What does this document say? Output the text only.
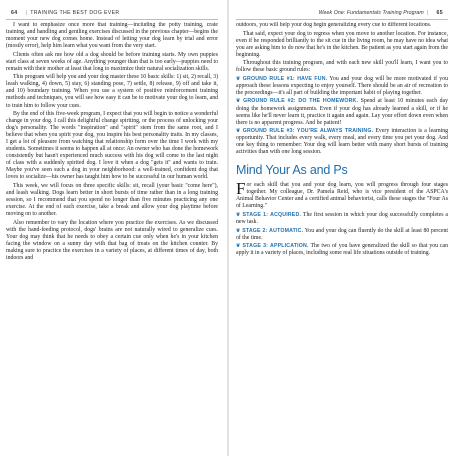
64 | TRAINING THE BEST DOG EVER	Week One: Fundamentals Training Program | 65

I want to emphasize once more that training—including the potty training, crate training, and handling and gentling exercises discussed in the previous chapter—begins the moment your new dog comes home. Instead of letting your dog learn by trial and error (mostly error), help him learn what you want from the very start.

Clients often ask me how old a dog should be before training starts. My own puppies start class at seven weeks of age. Anything younger than that is too early—puppies need to remain with their mother at least that long to maximize their natural socialization skills.

This program will help you and your dog master these 10 basic skills: 1) sit, 2) recall, 3) leash walking, 4) down, 5) stay, 6) standing pose, 7) settle, 8) release, 9) off and take it, and 10) boundary training. When you use a system of positive reinforcement training methods and techniques, you will see how easy it can be to motivate your dog to learn, and to train him to follow your cues.

By the end of this five-week program, I expect that you will begin to notice a wonderful change in your dog. I call this delightful change spiriting, or the process of unlocking your dog's personality. The words "inspiration" and "spirit" stem from the same root, and I believe that when you spirit your dog, you inspire his best personality traits. In my classes, I get a lot of pleasure from watching that relationship form over the time I work with my students. Sometimes it seems to happen all at once: An owner who has done the homework consistently but hasn't experienced much success with his dog will come to the last night of class with a suddenly spirited dog. I love it when a dog "gets it" and wants to train. Maybe you've seen such a dog in your neighborhood: a well-trained, confident dog that loves to socialize—his owner has taught him how to be successful in our human world.

This week, we will focus on three specific skills: sit, recall (your basic "come here"), and leash walking. Dogs learn better in short bursts of time rather than in a long training session, so I recommend that you spend no longer than five minutes practicing any one exercise. At the end of each exercise, take a break and allow your dog playtime before moving on to another.

Also remember to vary the location where you practice the exercises. As we discussed with the hand-feeding protocol, dogs' brains are not naturally wired to generalize cues. Your dog may think that he needs to obey a certain cue only when he's in your kitchen facing the window on a sunny day with that bag of treats on the kitchen counter. By making sure to practice the exercises in a variety of places, at different times of day, both indoors and

outdoors, you will help your dog begin generalizing every cue to different locations.

That said, expect your dog to regress when you move to another location. For instance, even if he responded brilliantly to the sit cue in the living room, he may have no idea what you are asking him to do now that he's in the kitchen. Be patient as you start again from the beginning.

Throughout this training program, and with each new skill you'll learn, I want you to follow these basic ground rules:

❦ GROUND RULE #1: HAVE FUN. You and your dog will be more motivated if you approach these lessons expecting to enjoy yourself. There should be an air of recreation to the proceedings—it's all part of building the important habit of playing together.

❦ GROUND RULE #2: DO THE HOMEWORK. Spend at least 10 minutes each day doing the homework assignments. Even if your dog has already learned a skill, or if he seems like he'll never learn it, practice it again and again. Lay your effort down even when there is no apparent progress. And be patient!

❦ GROUND RULE #3: YOU'RE ALWAYS TRAINING. Every interaction is a learning opportunity. That includes every walk, every meal, and every time you pet your dog. And one key thing to remember: Your dog will learn better with many short bursts of training activities than with one long session.

Mind Your As and Ps

For each skill that you and your dog learn, you will progress through four stages together. My colleague, Dr. Pamela Reid, who is vice president of the ASPCA's Animal Behavior Center and a certified animal behaviorist, calls these stages the "Four As of Learning."

❦ STAGE 1: ACQUIRED. The first session in which your dog successfully completes a new task.

❦ STAGE 2: AUTOMATIC. You and your dog can fluently do the skill at least 80 percent of the time.

❦ STAGE 3: APPLICATION. The two of you have generalized the skill so that you can apply it in a variety of places, including some real life situations outside of training.
